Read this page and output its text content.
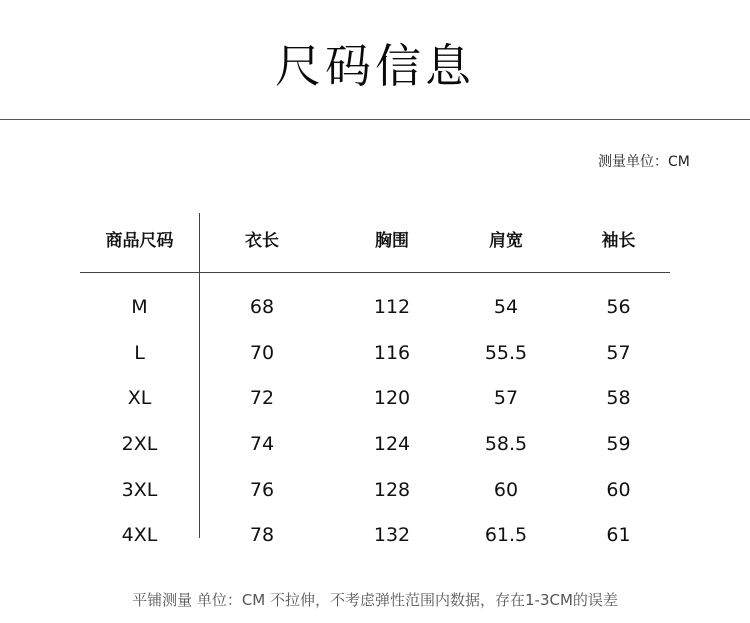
尺码信息
测量单位：CM
商品尺码	衣长	胸围	肩宽	袖长
M	68	112	54	56
L	70	116	55.5	57
XL	72	120	57	58
2XL	74	124	58.5	59
3XL	76	128	60	60
4XL	78	132	61.5	61
平铺测量 单位：CM 不拉伸，不考虑弹性范围内数据，存在1-3CM的误差
